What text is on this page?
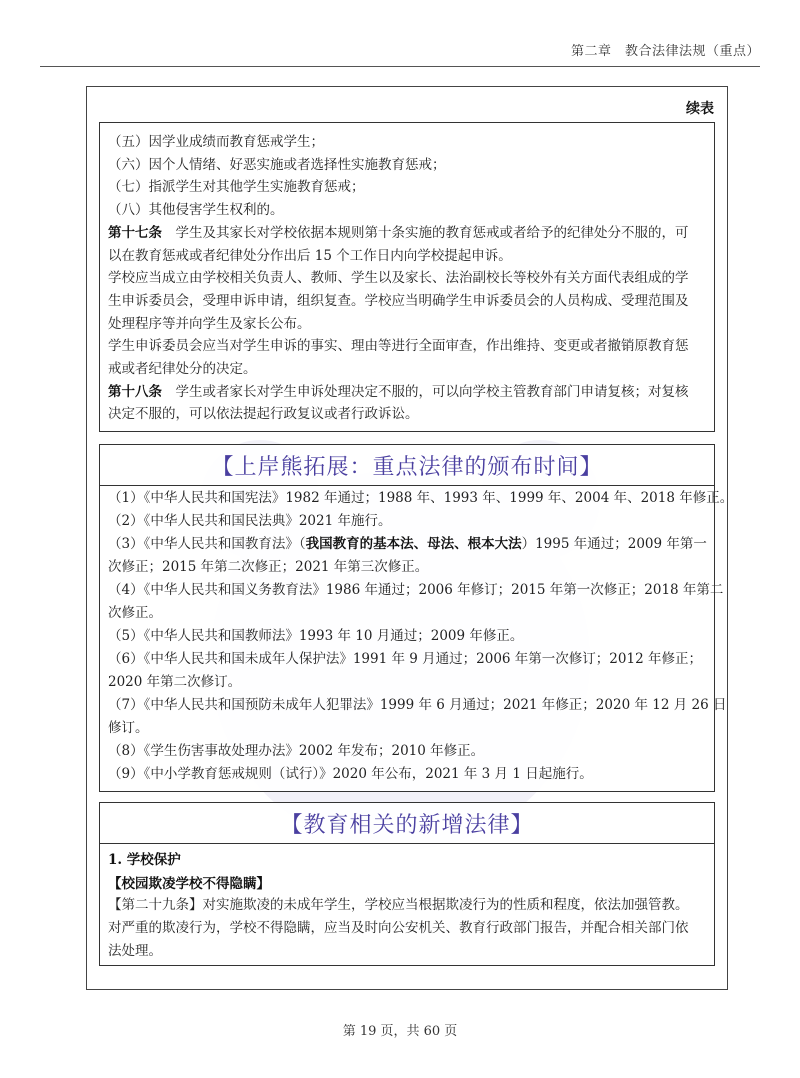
第二章　教合法律法规（重点）
续表
（五）因学业成绩而教育惩戒学生；
（六）因个人情绪、好恶实施或者选择性实施教育惩戒；
（七）指派学生对其他学生实施教育惩戒；
（八）其他侵害学生权利的。
第十七条　学生及其家长对学校依据本规则第十条实施的教育惩戒或者给予的纪律处分不服的，可
以在教育惩戒或者纪律处分作出后 15 个工作日内向学校提起申诉。
学校应当成立由学校相关负责人、教师、学生以及家长、法治副校长等校外有关方面代表组成的学
生申诉委员会，受理申诉申请，组织复查。学校应当明确学生申诉委员会的人员构成、受理范围及
处理程序等并向学生及家长公布。
学生申诉委员会应当对学生申诉的事实、理由等进行全面审查，作出维持、变更或者撤销原教育惩
戒或者纪律处分的决定。
第十八条　学生或者家长对学生申诉处理决定不服的，可以向学校主管教育部门申请复核；对复核
决定不服的，可以依法提起行政复议或者行政诉讼。
【上岸熊拓展：重点法律的颁布时间】
（1）《中华人民共和国宪法》1982 年通过；1988 年、1993 年、1999 年、2004 年、2018 年修正。
（2）《中华人民共和国民法典》2021 年施行。
（3）《中华人民共和国教育法》（我国教育的基本法、母法、根本大法）1995 年通过；2009 年第一
次修正；2015 年第二次修正；2021 年第三次修正。
（4）《中华人民共和国义务教育法》1986 年通过；2006 年修订；2015 年第一次修正；2018 年第二
次修正。
（5）《中华人民共和国教师法》1993 年 10 月通过；2009 年修正。
（6）《中华人民共和国未成年人保护法》1991 年 9 月通过；2006 年第一次修订；2012 年修正；
2020 年第二次修订。
（7）《中华人民共和国预防未成年人犯罪法》1999 年 6 月通过；2021 年修正；2020 年 12 月 26 日
修订。
（8）《学生伤害事故处理办法》2002 年发布；2010 年修正。
（9）《中小学教育惩戒规则（试行）》2020 年公布，2021 年 3 月 1 日起施行。
【教育相关的新增法律】
1. 学校保护
【校园欺凌学校不得隐瞒】
【第二十九条】对实施欺凌的未成年学生，学校应当根据欺凌行为的性质和程度，依法加强管教。
对严重的欺凌行为，学校不得隐瞒，应当及时向公安机关、教育行政部门报告，并配合相关部门依
法处理。
第 19 页，共 60 页
